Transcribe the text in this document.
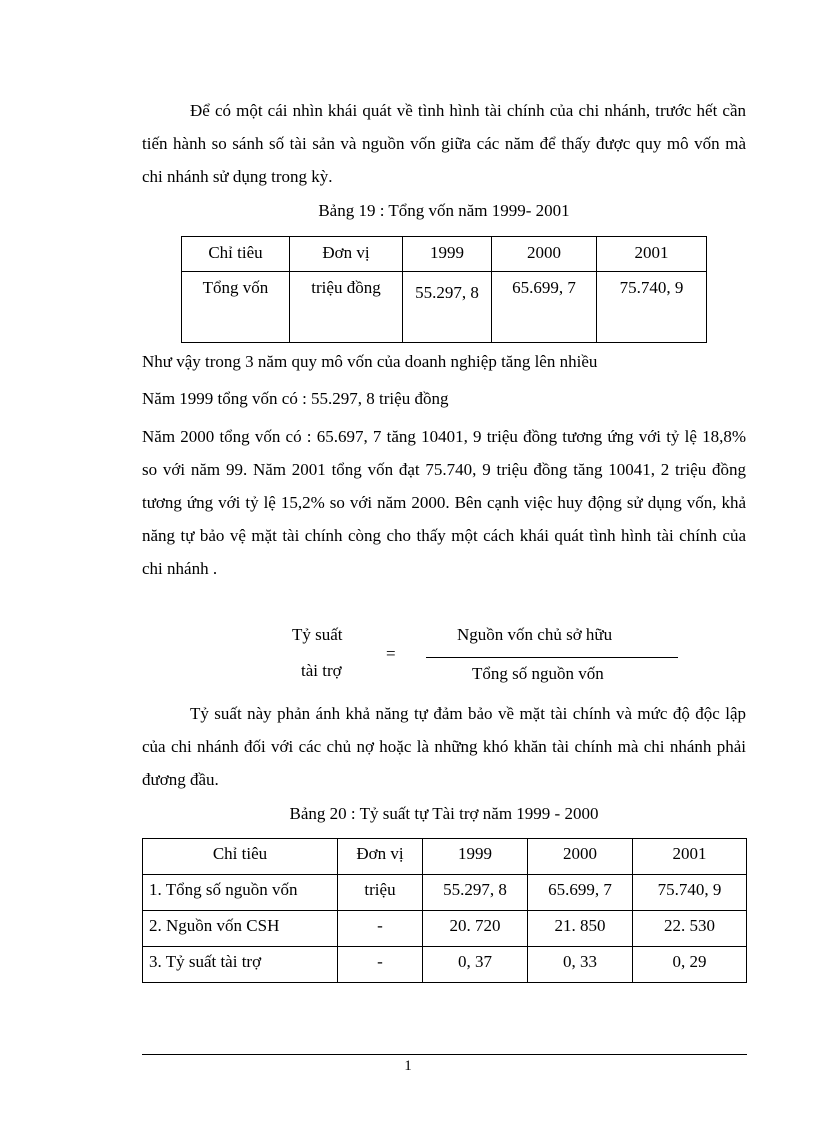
Để có một cái nhìn khái quát về tình hình tài chính của chi nhánh, trước hết cần tiến hành so sánh số tài sản và nguồn vốn giữa các năm để thấy được quy mô vốn mà chi nhánh sử dụng trong kỳ.

Bảng 19 : Tổng vốn năm 1999- 2001

Chỉ tiêu	Đơn vị	1999	2000	2001
Tổng vốn	triệu đồng	55.297, 8	65.699, 7	75.740, 9

Như vậy trong 3 năm quy mô vốn của doanh nghiệp tăng lên nhiều

Năm 1999 tổng vốn có : 55.297, 8 triệu đồng

Năm 2000 tổng vốn có : 65.697, 7 tăng 10401, 9 triệu đồng tương ứng với tỷ lệ 18,8% so với năm 99. Năm 2001 tổng vốn đạt 75.740, 9 triệu đồng tăng 10041, 2 triệu đồng tương ứng với tỷ lệ 15,2% so với năm 2000. Bên cạnh việc huy động sử dụng vốn, khả năng tự bảo vệ mặt tài chính còng cho thấy một cách khái quát tình hình tài chính của chi nhánh .

Tỷ suất
tài trợ
=
Nguồn vốn chủ sở hữu
Tổng số nguồn vốn

Tỷ suất này phản ánh khả năng tự đảm bảo về mặt tài chính và mức độ độc lập của chi nhánh đối với các chủ nợ hoặc là những khó khăn tài chính mà chi nhánh phải đương đầu.

Bảng 20 : Tỷ suất tự Tài trợ năm 1999 - 2000

Chỉ tiêu	Đơn vị	1999	2000	2001
1. Tổng số nguồn vốn	triệu	55.297, 8	65.699, 7	75.740, 9
2. Nguồn vốn CSH	-	20. 720	21. 850	22. 530
3. Tỷ suất tài trợ	-	0, 37	0, 33	0, 29
1
